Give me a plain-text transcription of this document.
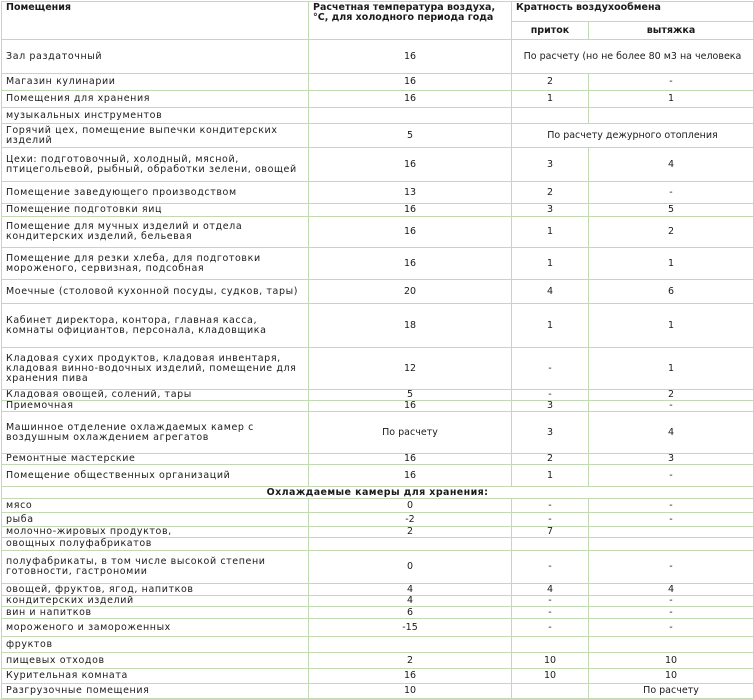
Помещения	Расчетная температура воздуха,°С, для холодного периода года	Кратность воздухообмена	
		приток	вытяжка
Зал раздаточный	16	По расчету (но не более 80 м3 на человека	
Магазин кулинарии	16	2	-
Помещения для хранения	16	1	1
музыкальных инструментов			
Горячий цех, помещение выпечки кондитерских изделий	5	По расчету дежурного отопления	
Цехи: подготовочный, холодный, мясной, птицегольевой, рыбный, обработки зелени, овощей	16	3	4
Помещение заведующего производством	13	2	-
Помещение подготовки яиц	16	3	5
Помещение для мучных изделий и отдела кондитерских изделий, бельевая	16	1	2
Помещение для резки хлеба, для подготовки мороженого, сервизная, подсобная	16	1	1
Моечные (столовой кухонной посуды, судков, тары)	20	4	6
Кабинет директора, контора, главная касса, комнаты официантов, персонала, кладовщика	18	1	1
Кладовая сухих продуктов, кладовая инвентаря, кладовая винно-водочных изделий, помещение для хранения пива	12	-	1
Кладовая овощей, солений, тары	5	-	2
Приемочная	16	3	-
Машинное отделение охлаждаемых камер с воздушным охлаждением агрегатов	По расчету	3	4
Ремонтные мастерские	16	2	3
Помещение общественных организаций	16	1	-
Охлаждаемые камеры для хранения:			
мясо	0	-	-
рыба	-2	-	-
молочно-жировых продуктов,	2	7	
овощных полуфабрикатов			
полуфабрикаты, в том числе высокой степени готовности, гастрономии	0	-	-
овощей, фруктов, ягод, напитков	4	4	4
кондитерских изделий	4	-	-
вин и напитков	6	-	-
мороженого и замороженных	-15	-	-
фруктов			
пищевых отходов	2	10	10
Курительная комната	16	10	10
Разгрузочные помещения	10		По расчету
